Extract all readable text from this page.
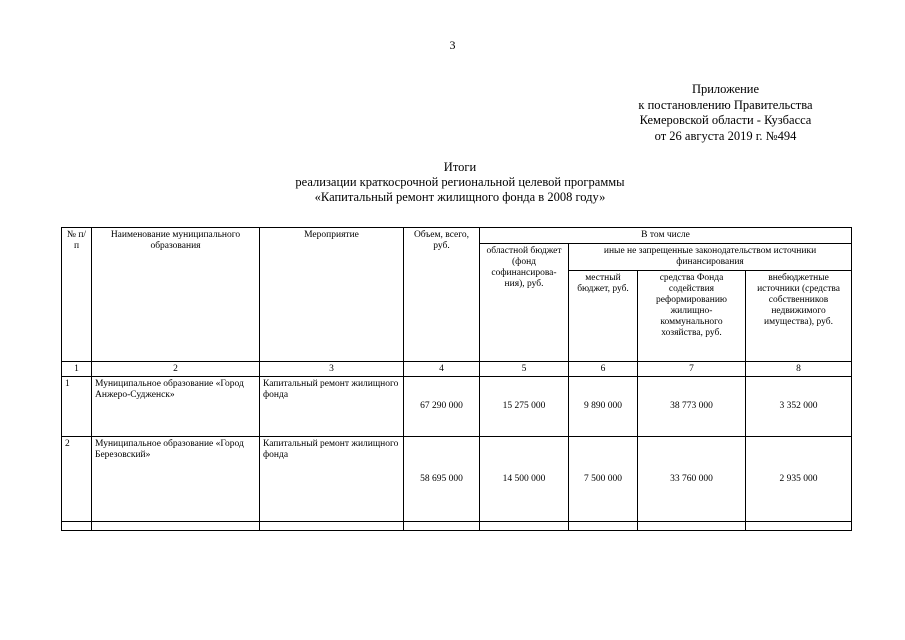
3
Приложение
к постановлению Правительства
Кемеровской области - Кузбасса
от 26 августа 2019 г. №494
Итоги
реализации краткосрочной региональной целевой программы
«Капитальный ремонт жилищного фонда в 2008 году»
№ п/п	Наименование муниципального образования	Мероприятие	Объем, всего, руб.	В том числе			
				областной бюджет (фонд софинансирова-ния), руб.	иные не запрещенные законодательством источники финансирования		
					местный бюджет, руб.	средства Фонда содействия реформированию жилищно-коммунального хозяйства, руб.	внебюджетные источники (средства собственников недвижимого имущества), руб.
1	2	3	4	5	6	7	8
1	Муниципальное образование «Город Анжеро-Судженск»	Капитальный ремонт жилищного фонда	67 290 000	15 275 000	9 890 000	38 773 000	3 352 000
2	Муниципальное образование «Город Березовский»	Капитальный ремонт жилищного фонда	58 695 000	14 500 000	7 500 000	33 760 000	2 935 000
